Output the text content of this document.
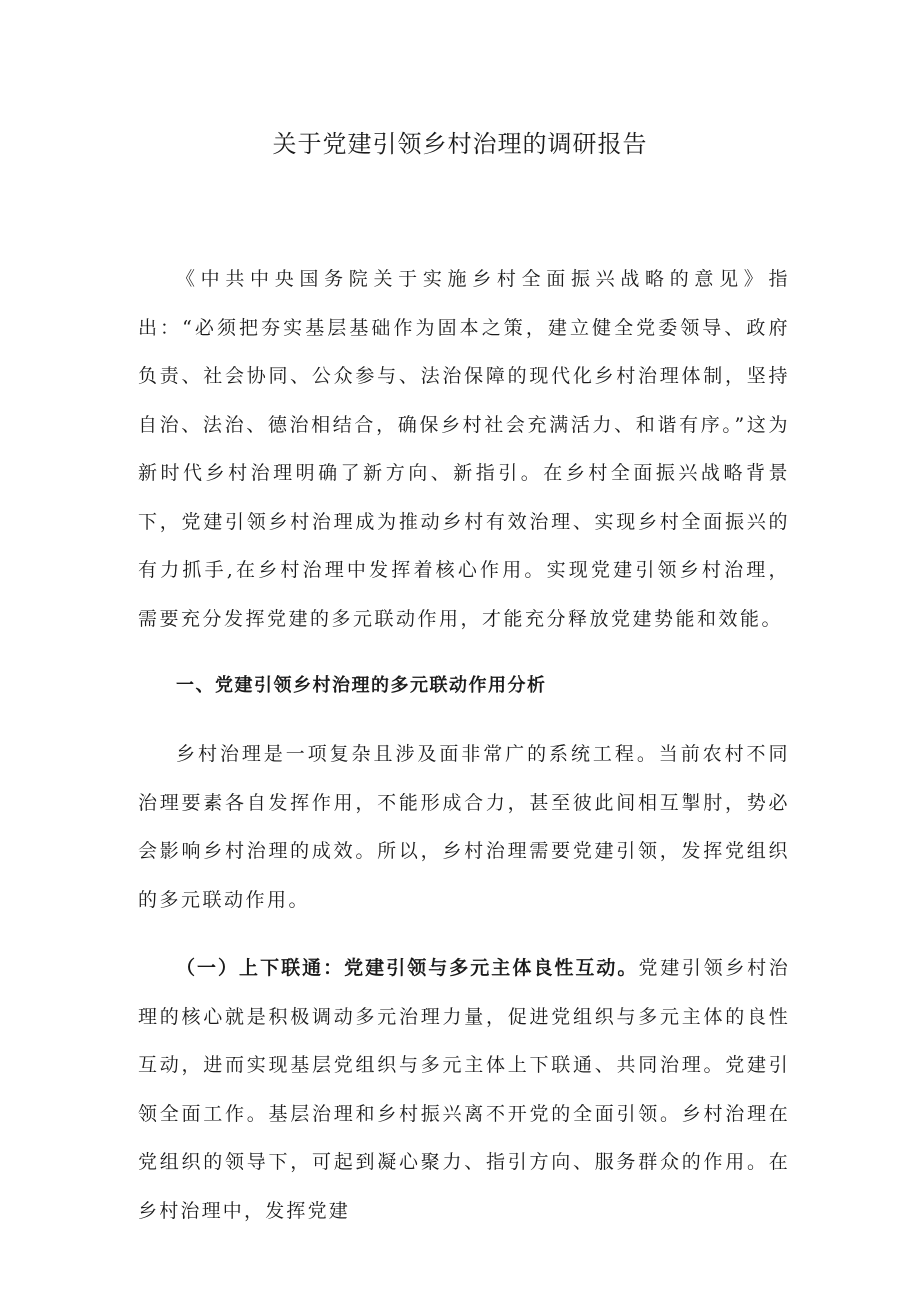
关于党建引领乡村治理的调研报告

《中共中央国务院关于实施乡村全面振兴战略的意见》指出：“必须把夯实基层基础作为固本之策，建立健全党委领导、政府负责、社会协同、公众参与、法治保障的现代化乡村治理体制，坚持自治、法治、德治相结合，确保乡村社会充满活力、和谐有序。”这为新时代乡村治理明确了新方向、新指引。在乡村全面振兴战略背景下，党建引领乡村治理成为推动乡村有效治理、实现乡村全面振兴的有力抓手,在乡村治理中发挥着核心作用。实现党建引领乡村治理，需要充分发挥党建的多元联动作用，才能充分释放党建势能和效能。

一、党建引领乡村治理的多元联动作用分析

乡村治理是一项复杂且涉及面非常广的系统工程。当前农村不同治理要素各自发挥作用，不能形成合力，甚至彼此间相互掣肘，势必会影响乡村治理的成效。所以，乡村治理需要党建引领，发挥党组织的多元联动作用。

（一）上下联通：党建引领与多元主体良性互动。党建引领乡村治理的核心就是积极调动多元治理力量，促进党组织与多元主体的良性互动，进而实现基层党组织与多元主体上下联通、共同治理。党建引领全面工作。基层治理和乡村振兴离不开党的全面引领。乡村治理在党组织的领导下，可起到凝心聚力、指引方向、服务群众的作用。在乡村治理中，发挥党建
